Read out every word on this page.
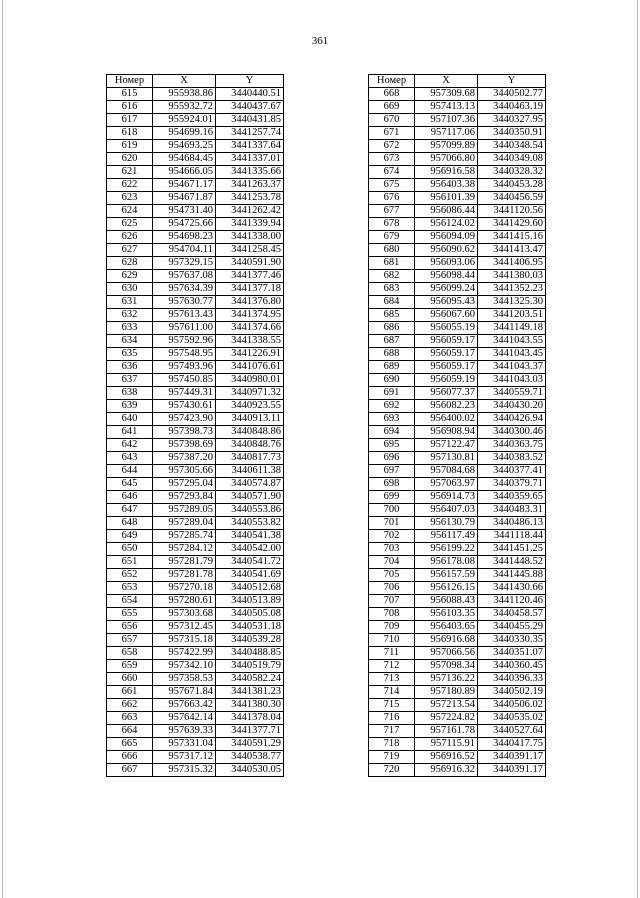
361
Номер	X	Y
615	955938.86	3440440.51
616	955932.72	3440437.67
617	955924.01	3440431.85
618	954699.16	3441257.74
619	954693.25	3441337.64
620	954684.45	3441337.01
621	954666.05	3441335.66
622	954671.17	3441263.37
623	954671.87	3441253.78
624	954731.40	3441262.42
625	954725.66	3441339.94
626	954698.23	3441338.00
627	954704.11	3441258.45
628	957329.15	3440591.90
629	957637.08	3441377.46
630	957634.39	3441377.18
631	957630.77	3441376.80
632	957613.43	3441374.95
633	957611.00	3441374.66
634	957592.96	3441338.55
635	957548.95	3441226.91
636	957493.96	3441076.61
637	957450.85	3440980.01
638	957449.31	3440971.32
639	957430.61	3440923.55
640	957423.90	3440913.11
641	957398.73	3440848.86
642	957398.69	3440848.76
643	957387.20	3440817.73
644	957305.66	3440611.38
645	957295.04	3440574.87
646	957293.84	3440571.90
647	957289.05	3440553.86
648	957289.04	3440553.82
649	957285.74	3440541.38
650	957284.12	3440542.00
651	957281.79	3440541.72
652	957281.78	3440541.69
653	957270.18	3440512.68
654	957280.61	3440513.89
655	957303.68	3440505.08
656	957312.45	3440531.18
657	957315.18	3440539.28
658	957422.99	3440488.85
659	957342.10	3440519.79
660	957358.53	3440582.24
661	957671.84	3441381.23
662	957663.42	3441380.30
663	957642.14	3441378.04
664	957639.33	3441377.71
665	957331.04	3440591.29
666	957317.12	3440538.77
667	957315.32	3440530.05
Номер	X	Y
668	957309.68	3440502.77
669	957413.13	3440463.19
670	957107.36	3440327.95
671	957117.06	3440350.91
672	957099.89	3440348.54
673	957066.80	3440349.08
674	956916.58	3440328.32
675	956403.38	3440453.28
676	956101.39	3440456.59
677	956086.44	3441120.56
678	956124.02	3441429.60
679	956094.09	3441415.16
680	956090.62	3441413.47
681	956093.06	3441406.95
682	956098.44	3441380.03
683	956099.24	3441352.23
684	956095.43	3441325.30
685	956067.60	3441203.51
686	956055.19	3441149.18
687	956059.17	3441043.55
688	956059.17	3441043.45
689	956059.17	3441043.37
690	956059.19	3441043.03
691	956077.37	3440559.71
692	956082.23	3440430.20
693	956400.02	3440426.94
694	956908.94	3440300.46
695	957122.47	3440363.75
696	957130.81	3440383.52
697	957084.68	3440377.41
698	957063.97	3440379.71
699	956914.73	3440359.65
700	956407.03	3440483.31
701	956130.79	3440486.13
702	956117.49	3441118.44
703	956199.22	3441451.25
704	956178.08	3441448.52
705	956157.59	3441445.88
706	956126.15	3441430.66
707	956088.43	3441120.46
708	956103.35	3440458.57
709	956403.65	3440455.29
710	956916.68	3440330.35
711	957066.56	3440351.07
712	957098.34	3440360.45
713	957136.22	3440396.33
714	957180.89	3440502.19
715	957213.54	3440506.02
716	957224.82	3440535.02
717	957161.78	3440527.64
718	957115.91	3440417.75
719	956916.52	3440391.17
720	956916.32	3440391.17
